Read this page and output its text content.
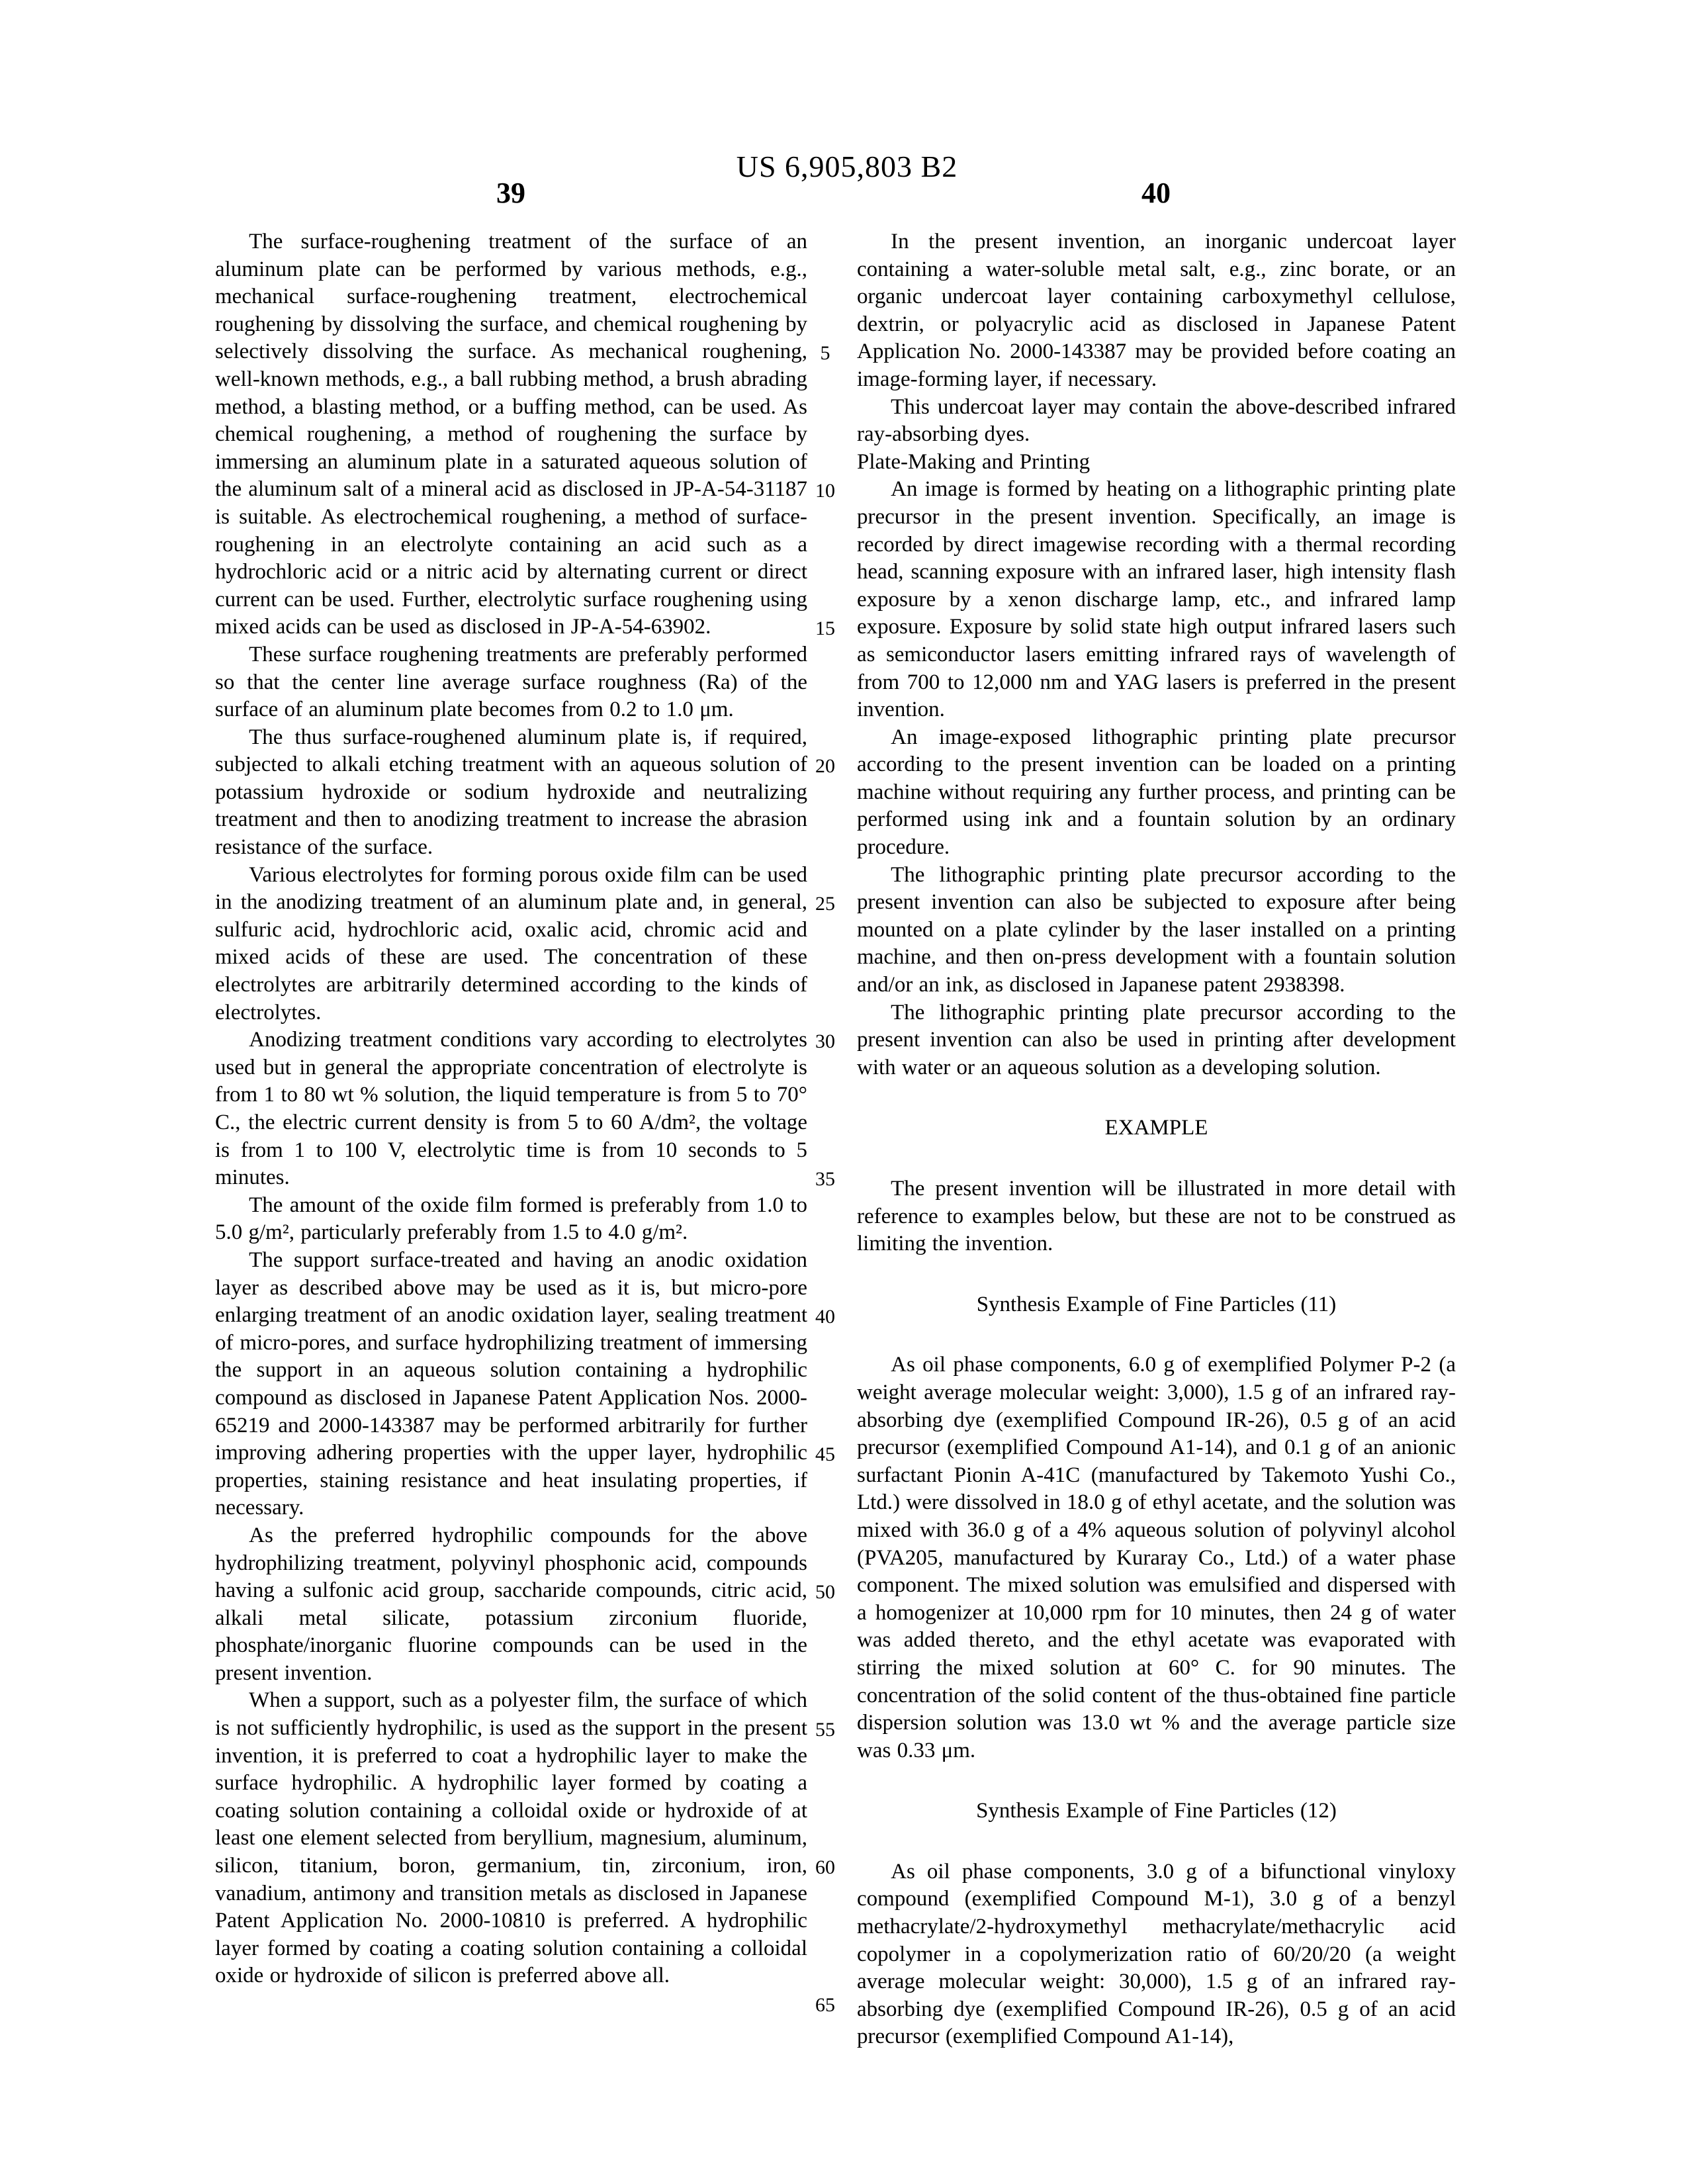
US 6,905,803 B2
39	40

The surface-roughening treatment of the surface of an aluminum plate can be performed by various methods, e.g., mechanical surface-roughening treatment, electrochemical roughening by dissolving the surface, and chemical roughening by selectively dissolving the surface. As mechanical roughening, well-known methods, e.g., a ball rubbing method, a brush abrading method, a blasting method, or a buffing method, can be used. As chemical roughening, a method of roughening the surface by immersing an aluminum plate in a saturated aqueous solution of the aluminum salt of a mineral acid as disclosed in JP-A-54-31187 is suitable. As electrochemical roughening, a method of surface-roughening in an electrolyte containing an acid such as a hydrochloric acid or a nitric acid by alternating current or direct current can be used. Further, electrolytic surface roughening using mixed acids can be used as disclosed in JP-A-54-63902.

These surface roughening treatments are preferably performed so that the center line average surface roughness (Ra) of the surface of an aluminum plate becomes from 0.2 to 1.0 μm.

The thus surface-roughened aluminum plate is, if required, subjected to alkali etching treatment with an aqueous solution of potassium hydroxide or sodium hydroxide and neutralizing treatment and then to anodizing treatment to increase the abrasion resistance of the surface.

Various electrolytes for forming porous oxide film can be used in the anodizing treatment of an aluminum plate and, in general, sulfuric acid, hydrochloric acid, oxalic acid, chromic acid and mixed acids of these are used. The concentration of these electrolytes are arbitrarily determined according to the kinds of electrolytes.

Anodizing treatment conditions vary according to electrolytes used but in general the appropriate concentration of electrolyte is from 1 to 80 wt % solution, the liquid temperature is from 5 to 70° C., the electric current density is from 5 to 60 A/dm², the voltage is from 1 to 100 V, electrolytic time is from 10 seconds to 5 minutes.

The amount of the oxide film formed is preferably from 1.0 to 5.0 g/m², particularly preferably from 1.5 to 4.0 g/m².

The support surface-treated and having an anodic oxidation layer as described above may be used as it is, but micro-pore enlarging treatment of an anodic oxidation layer, sealing treatment of micro-pores, and surface hydrophilizing treatment of immersing the support in an aqueous solution containing a hydrophilic compound as disclosed in Japanese Patent Application Nos. 2000-65219 and 2000-143387 may be performed arbitrarily for further improving adhering properties with the upper layer, hydrophilic properties, staining resistance and heat insulating properties, if necessary.

As the preferred hydrophilic compounds for the above hydrophilizing treatment, polyvinyl phosphonic acid, compounds having a sulfonic acid group, saccharide compounds, citric acid, alkali metal silicate, potassium zirconium fluoride, phosphate/inorganic fluorine compounds can be used in the present invention.

When a support, such as a polyester film, the surface of which is not sufficiently hydrophilic, is used as the support in the present invention, it is preferred to coat a hydrophilic layer to make the surface hydrophilic. A hydrophilic layer formed by coating a coating solution containing a colloidal oxide or hydroxide of at least one element selected from beryllium, magnesium, aluminum, silicon, titanium, boron, germanium, tin, zirconium, iron, vanadium, antimony and transition metals as disclosed in Japanese Patent Application No. 2000-10810 is preferred. A hydrophilic layer formed by coating a coating solution containing a colloidal oxide or hydroxide of silicon is preferred above all.

In the present invention, an inorganic undercoat layer containing a water-soluble metal salt, e.g., zinc borate, or an organic undercoat layer containing carboxymethyl cellulose, dextrin, or polyacrylic acid as disclosed in Japanese Patent Application No. 2000-143387 may be provided before coating an image-forming layer, if necessary.

This undercoat layer may contain the above-described infrared ray-absorbing dyes.

Plate-Making and Printing

An image is formed by heating on a lithographic printing plate precursor in the present invention. Specifically, an image is recorded by direct imagewise recording with a thermal recording head, scanning exposure with an infrared laser, high intensity flash exposure by a xenon discharge lamp, etc., and infrared lamp exposure. Exposure by solid state high output infrared lasers such as semiconductor lasers emitting infrared rays of wavelength of from 700 to 12,000 nm and YAG lasers is preferred in the present invention.

An image-exposed lithographic printing plate precursor according to the present invention can be loaded on a printing machine without requiring any further process, and printing can be performed using ink and a fountain solution by an ordinary procedure.

The lithographic printing plate precursor according to the present invention can also be subjected to exposure after being mounted on a plate cylinder by the laser installed on a printing machine, and then on-press development with a fountain solution and/or an ink, as disclosed in Japanese patent 2938398.

The lithographic printing plate precursor according to the present invention can also be used in printing after development with water or an aqueous solution as a developing solution.

EXAMPLE

The present invention will be illustrated in more detail with reference to examples below, but these are not to be construed as limiting the invention.

Synthesis Example of Fine Particles (11)

As oil phase components, 6.0 g of exemplified Polymer P-2 (a weight average molecular weight: 3,000), 1.5 g of an infrared ray-absorbing dye (exemplified Compound IR-26), 0.5 g of an acid precursor (exemplified Compound A1-14), and 0.1 g of an anionic surfactant Pionin A-41C (manufactured by Takemoto Yushi Co., Ltd.) were dissolved in 18.0 g of ethyl acetate, and the solution was mixed with 36.0 g of a 4% aqueous solution of polyvinyl alcohol (PVA205, manufactured by Kuraray Co., Ltd.) of a water phase component. The mixed solution was emulsified and dispersed with a homogenizer at 10,000 rpm for 10 minutes, then 24 g of water was added thereto, and the ethyl acetate was evaporated with stirring the mixed solution at 60° C. for 90 minutes. The concentration of the solid content of the thus-obtained fine particle dispersion solution was 13.0 wt % and the average particle size was 0.33 μm.

Synthesis Example of Fine Particles (12)

As oil phase components, 3.0 g of a bifunctional vinyloxy compound (exemplified Compound M-1), 3.0 g of a benzyl methacrylate/2-hydroxymethyl methacrylate/methacrylic acid copolymer in a copolymerization ratio of 60/20/20 (a weight average molecular weight: 30,000), 1.5 g of an infrared ray-absorbing dye (exemplified Compound IR-26), 0.5 g of an acid precursor (exemplified Compound A1-14),

5
10
15
20
25
30
35
40
45
50
55
60
65
